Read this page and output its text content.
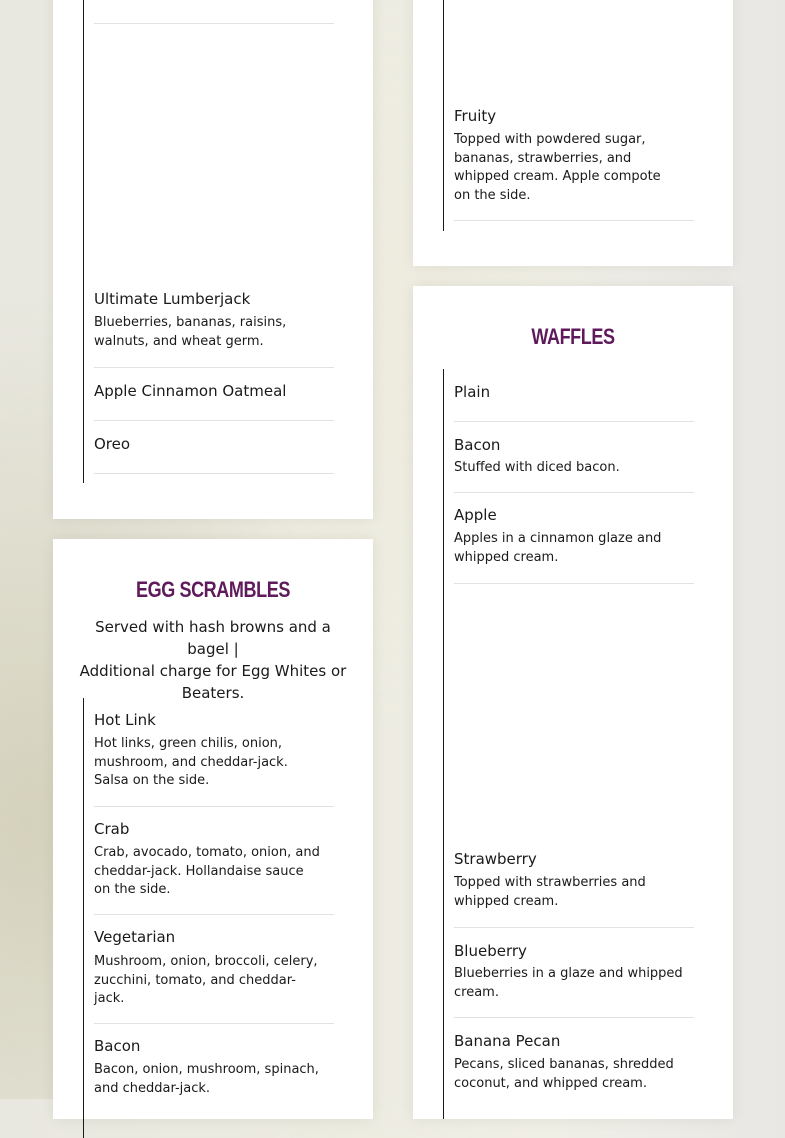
Ultimate Lumberjack
Blueberries, bananas, raisins,
walnuts, and wheat germ.
Apple Cinnamon Oatmeal
Oreo
EGG SCRAMBLES
Served with hash browns and a bagel |
Additional charge for Egg Whites or
Beaters.
Hot Link
Hot links, green chilis, onion,
mushroom, and cheddar-jack.
Salsa on the side.
Crab
Crab, avocado, tomato, onion, and
cheddar-jack. Hollandaise sauce
on the side.
Vegetarian
Mushroom, onion, broccoli, celery,
zucchini, tomato, and cheddar-
jack.
Bacon
Bacon, onion, mushroom, spinach,
and cheddar-jack.
Fruity
Topped with powdered sugar,
bananas, strawberries, and
whipped cream. Apple compote
on the side.
WAFFLES
Plain
Bacon
Stuffed with diced bacon.
Apple
Apples in a cinnamon glaze and
whipped cream.
Strawberry
Topped with strawberries and
whipped cream.
Blueberry
Blueberries in a glaze and whipped
cream.
Banana Pecan
Pecans, sliced bananas, shredded
coconut, and whipped cream.
